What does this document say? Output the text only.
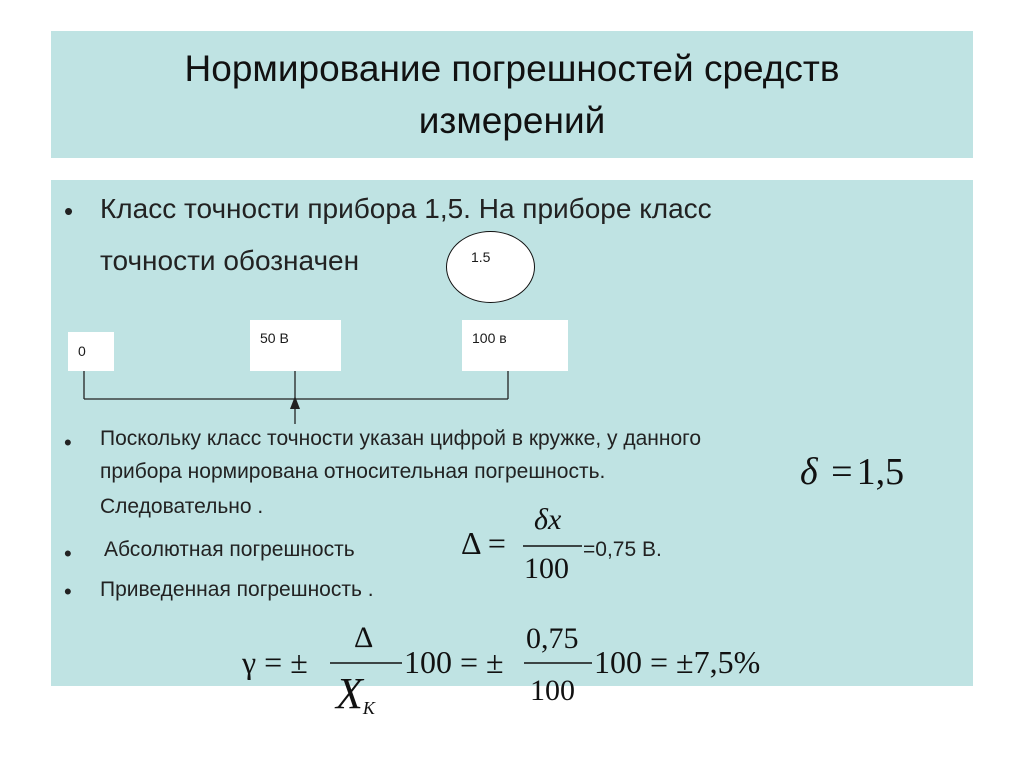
Нормирование погрешностей средств измерений
• Класс точности прибора 1,5. На приборе класс
точности обозначен	1.5
0
50 В	100 в
• Поскольку класс точности указан цифрой в кружке, у данного
прибора нормирована относительная погрешность.
Следовательно .
δ = 1,5
• Абсолютная погрешность	Δ =
δx
100
=0,75 В.
• Приведенная погрешность .
γ = ±
Δ
XK
100 = ±
0,75
100
100 = ±7,5%
